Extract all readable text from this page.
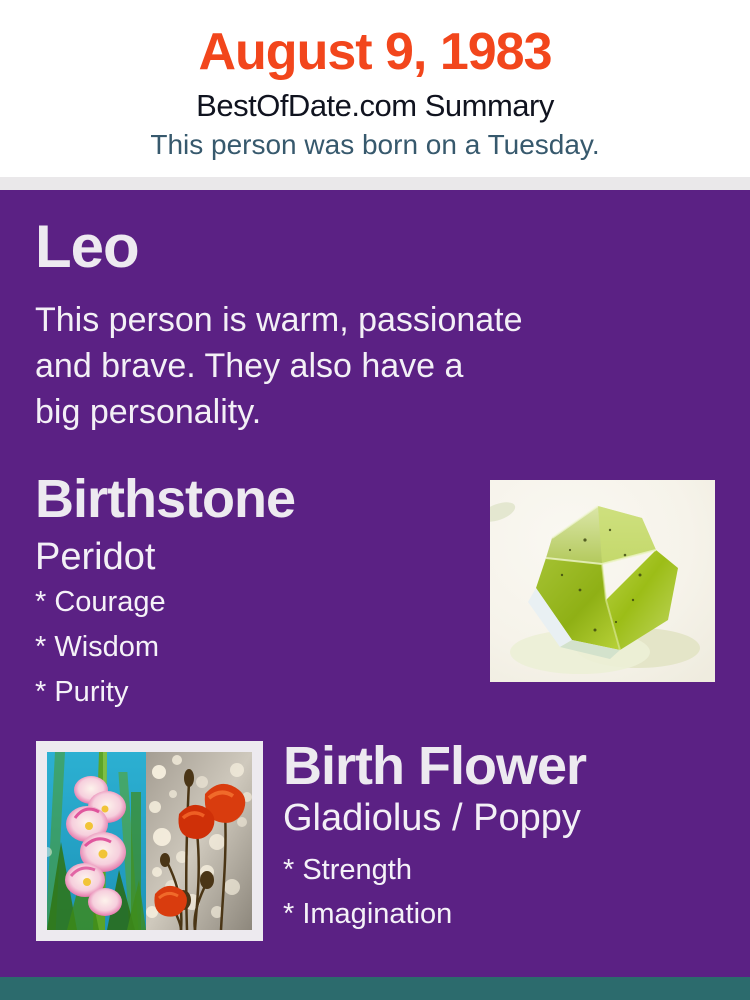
August 9, 1983
BestOfDate.com Summary
This person was born on a Tuesday.
Leo
This person is warm, passionate
and brave. They also have a
big personality.
Birthstone
Peridot
* Courage
* Wisdom
* Purity
Birth Flower
Gladiolus / Poppy
* Strength
* Imagination
